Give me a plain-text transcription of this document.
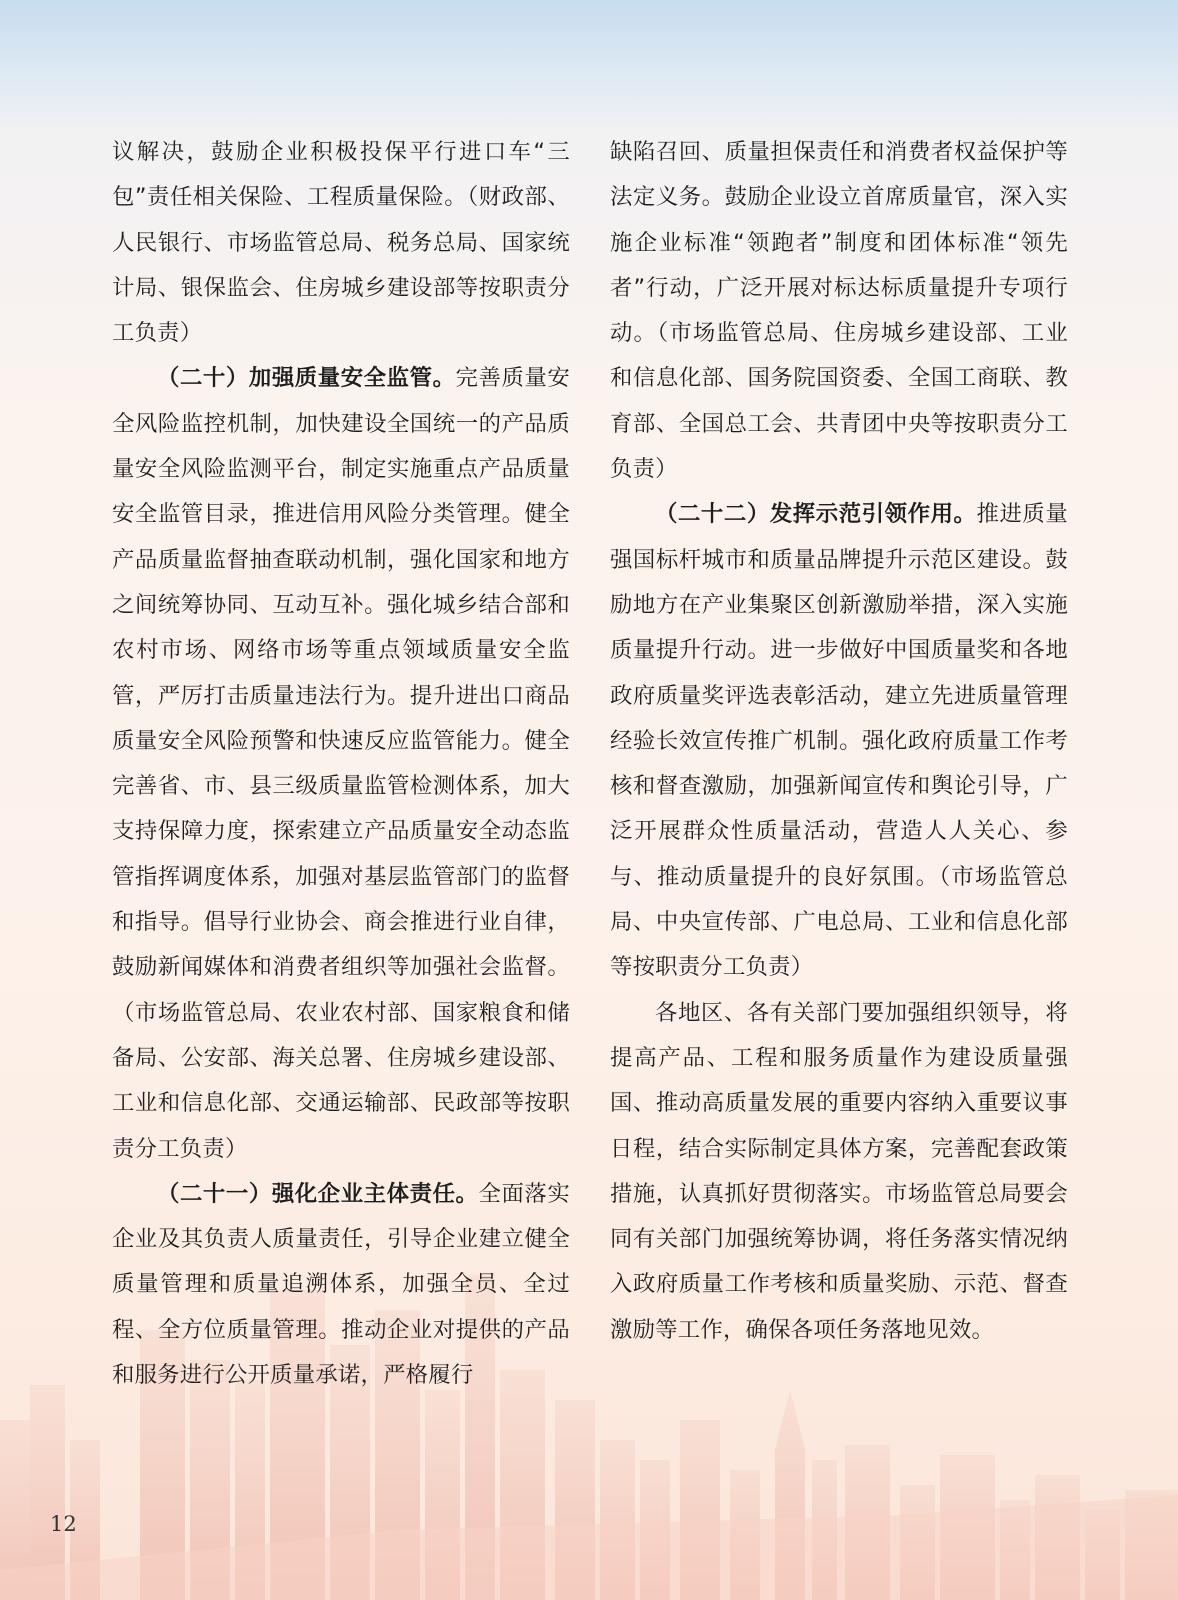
议解决，鼓励企业积极投保平行进口车“三包”责任相关保险、工程质量保险。（财政部、人民银行、市场监管总局、税务总局、国家统计局、银保监会、住房城乡建设部等按职责分工负责）

（二十）加强质量安全监管。完善质量安全风险监控机制，加快建设全国统一的产品质量安全风险监测平台，制定实施重点产品质量安全监管目录，推进信用风险分类管理。健全产品质量监督抽查联动机制，强化国家和地方之间统筹协同、互动互补。强化城乡结合部和农村市场、网络市场等重点领域质量安全监管，严厉打击质量违法行为。提升进出口商品质量安全风险预警和快速反应监管能力。健全完善省、市、县三级质量监管检测体系，加大支持保障力度，探索建立产品质量安全动态监管指挥调度体系，加强对基层监管部门的监督和指导。倡导行业协会、商会推进行业自律，鼓励新闻媒体和消费者组织等加强社会监督。（市场监管总局、农业农村部、国家粮食和储备局、公安部、海关总署、住房城乡建设部、工业和信息化部、交通运输部、民政部等按职责分工负责）

（二十一）强化企业主体责任。全面落实企业及其负责人质量责任，引导企业建立健全质量管理和质量追溯体系，加强全员、全过程、全方位质量管理。推动企业对提供的产品和服务进行公开质量承诺，严格履行

缺陷召回、质量担保责任和消费者权益保护等法定义务。鼓励企业设立首席质量官，深入实施企业标准“领跑者”制度和团体标准“领先者”行动，广泛开展对标达标质量提升专项行动。（市场监管总局、住房城乡建设部、工业和信息化部、国务院国资委、全国工商联、教育部、全国总工会、共青团中央等按职责分工负责）

（二十二）发挥示范引领作用。推进质量强国标杆城市和质量品牌提升示范区建设。鼓励地方在产业集聚区创新激励举措，深入实施质量提升行动。进一步做好中国质量奖和各地政府质量奖评选表彰活动，建立先进质量管理经验长效宣传推广机制。强化政府质量工作考核和督查激励，加强新闻宣传和舆论引导，广泛开展群众性质量活动，营造人人关心、参与、推动质量提升的良好氛围。（市场监管总局、中央宣传部、广电总局、工业和信息化部等按职责分工负责）

各地区、各有关部门要加强组织领导，将提高产品、工程和服务质量作为建设质量强国、推动高质量发展的重要内容纳入重要议事日程，结合实际制定具体方案，完善配套政策措施，认真抓好贯彻落实。市场监管总局要会同有关部门加强统筹协调，将任务落实情况纳入政府质量工作考核和质量奖励、示范、督查激励等工作，确保各项任务落地见效。

12
